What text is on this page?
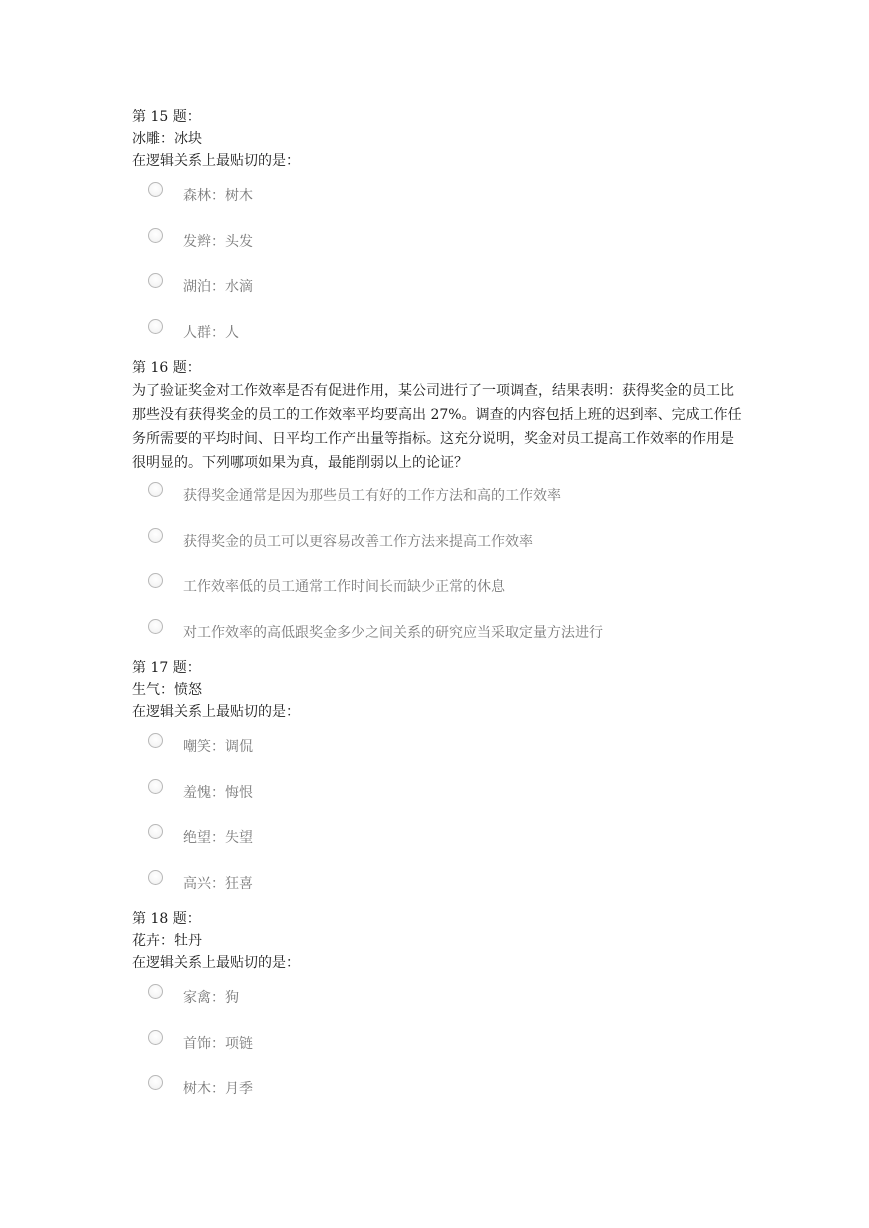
第 15 题：

冰雕：冰块

在逻辑关系上最贴切的是：

森林：树木
发辫：头发
湖泊：水滴
人群：人

第 16 题：

为了验证奖金对工作效率是否有促进作用，某公司进行了一项调查，结果表明：获得奖金的员工比那些没有获得奖金的员工的工作效率平均要高出 27%。调查的内容包括上班的迟到率、完成工作任务所需要的平均时间、日平均工作产出量等指标。这充分说明，奖金对员工提高工作效率的作用是很明显的。下列哪项如果为真，最能削弱以上的论证？

获得奖金通常是因为那些员工有好的工作方法和高的工作效率
获得奖金的员工可以更容易改善工作方法来提高工作效率
工作效率低的员工通常工作时间长而缺少正常的休息
对工作效率的高低跟奖金多少之间关系的研究应当采取定量方法进行

第 17 题：

生气：愤怒

在逻辑关系上最贴切的是：

嘲笑：调侃
羞愧：悔恨
绝望：失望
高兴：狂喜

第 18 题：

花卉：牡丹

在逻辑关系上最贴切的是：

家禽：狗
首饰：项链
树木：月季
